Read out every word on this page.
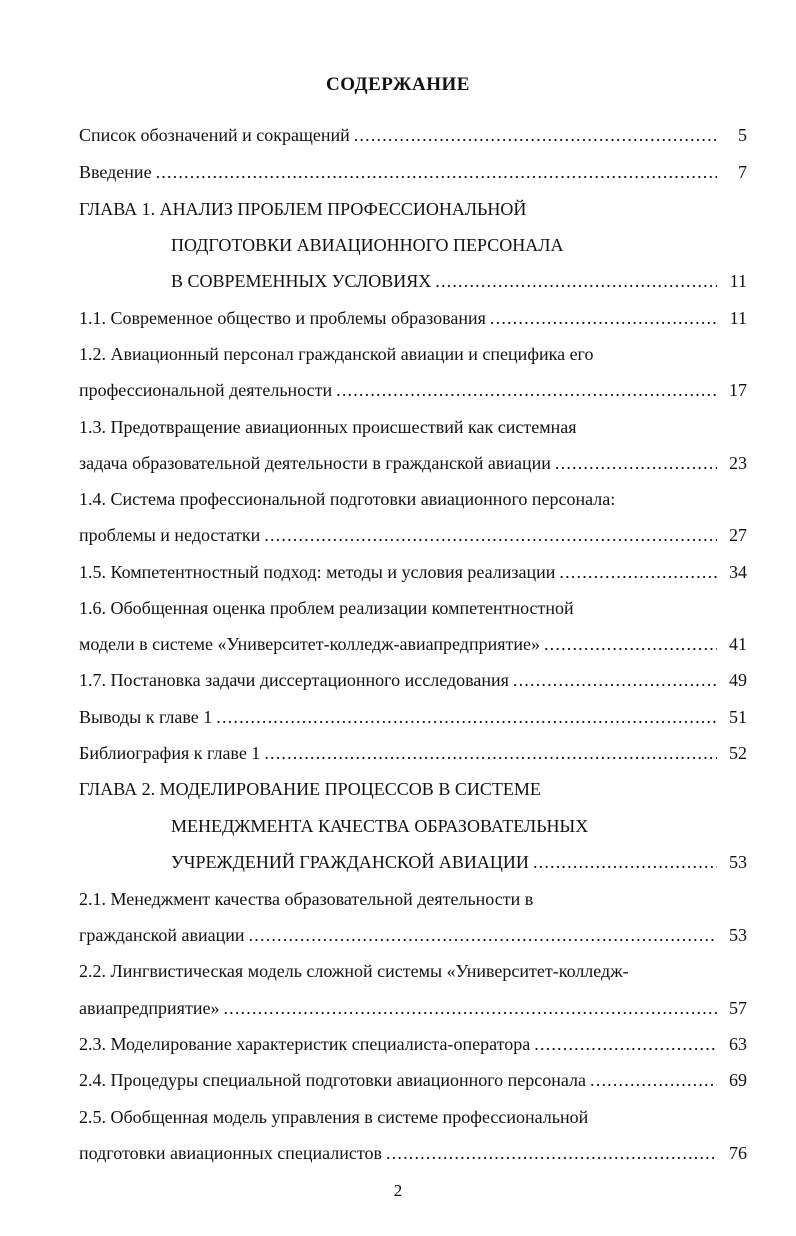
СОДЕРЖАНИЕ
Список обозначений и сокращений .....	5
Введение .....	7
ГЛАВА 1. АНАЛИЗ ПРОБЛЕМ ПРОФЕССИОНАЛЬНОЙ
ПОДГОТОВКИ АВИАЦИОННОГО ПЕРСОНАЛА
В СОВРЕМЕННЫХ УСЛОВИЯХ .....	11
1.1. Современное общество и проблемы образования .....	11
1.2. Авиационный персонал гражданской авиации и специфика его
профессиональной деятельности .....	17
1.3. Предотвращение авиационных происшествий как системная
задача образовательной деятельности в гражданской авиации .....	23
1.4. Система профессиональной подготовки авиационного персонала:
проблемы и недостатки .....	27
1.5. Компетентностный подход: методы и условия реализации .....	34
1.6. Обобщенная оценка проблем реализации компетентностной
модели в системе «Университет-колледж-авиапредприятие» .....	41
1.7. Постановка задачи диссертационного исследования .....	49
Выводы к главе 1 .....	51
Библиография к главе 1 .....	52
ГЛАВА 2. МОДЕЛИРОВАНИЕ ПРОЦЕССОВ В СИСТЕМЕ
МЕНЕДЖМЕНТА КАЧЕСТВА ОБРАЗОВАТЕЛЬНЫХ
УЧРЕЖДЕНИЙ ГРАЖДАНСКОЙ АВИАЦИИ .....	53
2.1. Менеджмент качества образовательной деятельности в
гражданской авиации .....	53
2.2. Лингвистическая модель сложной системы «Университет-колледж-
авиапредприятие» .....	57
2.3. Моделирование характеристик специалиста-оператора .....	63
2.4. Процедуры специальной подготовки авиационного персонала .....	69
2.5. Обобщенная модель управления в системе профессиональной
подготовки авиационных специалистов .....	76
2
